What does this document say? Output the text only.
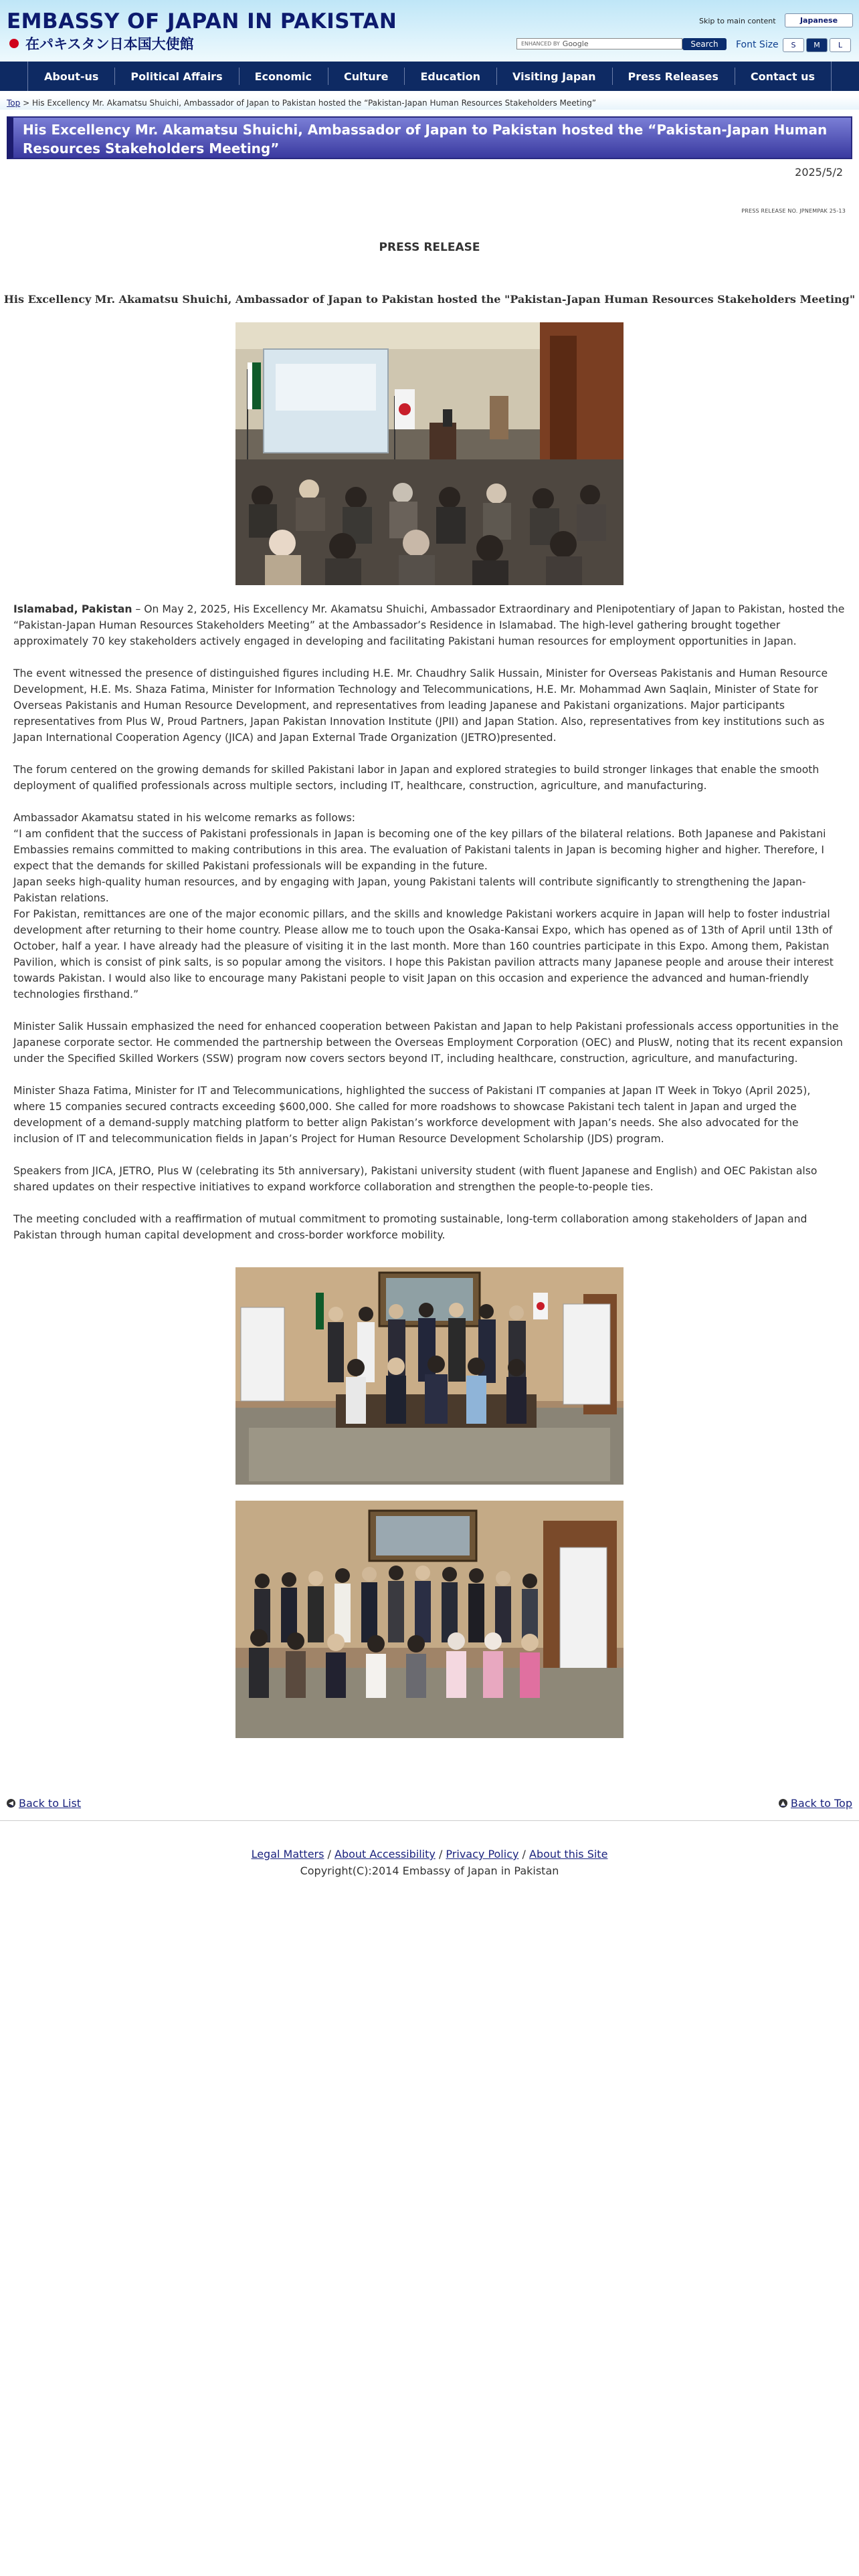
EMBASSY OF JAPAN IN PAKISTAN
在パキスタン日本国大使館
Skip to main content	Japanese
ENHANCED BY Google	Search	Font Size	S	M	L
About-us	Political Affairs	Economic	Culture	Education	Visiting Japan	Press Releases	Contact us
Top > His Excellency Mr. Akamatsu Shuichi, Ambassador of Japan to Pakistan hosted the “Pakistan-Japan Human Resources Stakeholders Meeting”
His Excellency Mr. Akamatsu Shuichi, Ambassador of Japan to Pakistan hosted the “Pakistan-Japan Human Resources Stakeholders Meeting”
2025/5/2
PRESS RELEASE NO. JPNEMPAK 25-13
PRESS RELEASE
His Excellency Mr. Akamatsu Shuichi, Ambassador of Japan to Pakistan hosted the "Pakistan-Japan Human Resources Stakeholders Meeting"

Islamabad, Pakistan – On May 2, 2025, His Excellency Mr. Akamatsu Shuichi, Ambassador Extraordinary and Plenipotentiary of Japan to Pakistan, hosted the “Pakistan-Japan Human Resources Stakeholders Meeting” at the Ambassador’s Residence in Islamabad. The high-level gathering brought together approximately 70 key stakeholders actively engaged in developing and facilitating Pakistani human resources for employment opportunities in Japan.

The event witnessed the presence of distinguished figures including H.E. Mr. Chaudhry Salik Hussain, Minister for Overseas Pakistanis and Human Resource Development, H.E. Ms. Shaza Fatima, Minister for Information Technology and Telecommunications, H.E. Mr. Mohammad Awn Saqlain, Minister of State for Overseas Pakistanis and Human Resource Development, and representatives from leading Japanese and Pakistani organizations. Major participants representatives from Plus W, Proud Partners, Japan Pakistan Innovation Institute (JPII) and Japan Station. Also, representatives from key institutions such as Japan International Cooperation Agency (JICA) and Japan External Trade Organization (JETRO)presented.

The forum centered on the growing demands for skilled Pakistani labor in Japan and explored strategies to build stronger linkages that enable the smooth deployment of qualified professionals across multiple sectors, including IT, healthcare, construction, agriculture, and manufacturing.

Ambassador Akamatsu stated in his welcome remarks as follows:

“I am confident that the success of Pakistani professionals in Japan is becoming one of the key pillars of the bilateral relations. Both Japanese and Pakistani Embassies remains committed to making contributions in this area. The evaluation of Pakistani talents in Japan is becoming higher and higher. Therefore, I expect that the demands for skilled Pakistani professionals will be expanding in the future.

Japan seeks high-quality human resources, and by engaging with Japan, young Pakistani talents will contribute significantly to strengthening the Japan-Pakistan relations.

For Pakistan, remittances are one of the major economic pillars, and the skills and knowledge Pakistani workers acquire in Japan will help to foster industrial development after returning to their home country. Please allow me to touch upon the Osaka-Kansai Expo, which has opened as of 13th of April until 13th of October, half a year. I have already had the pleasure of visiting it in the last month. More than 160 countries participate in this Expo. Among them, Pakistan Pavilion, which is consist of pink salts, is so popular among the visitors. I hope this Pakistan pavilion attracts many Japanese people and arouse their interest towards Pakistan. I would also like to encourage many Pakistani people to visit Japan on this occasion and experience the advanced and human-friendly technologies firsthand.”

Minister Salik Hussain emphasized the need for enhanced cooperation between Pakistan and Japan to help Pakistani professionals access opportunities in the Japanese corporate sector. He commended the partnership between the Overseas Employment Corporation (OEC) and PlusW, noting that its recent expansion under the Specified Skilled Workers (SSW) program now covers sectors beyond IT, including healthcare, construction, agriculture, and manufacturing.

Minister Shaza Fatima, Minister for IT and Telecommunications, highlighted the success of Pakistani IT companies at Japan IT Week in Tokyo (April 2025), where 15 companies secured contracts exceeding $600,000. She called for more roadshows to showcase Pakistani tech talent in Japan and urged the development of a demand-supply matching platform to better align Pakistan’s workforce development with Japan’s needs. She also advocated for the inclusion of IT and telecommunication fields in Japan’s Project for Human Resource Development Scholarship (JDS) program.

Speakers from JICA, JETRO, Plus W (celebrating its 5th anniversary), Pakistani university student (with fluent Japanese and English) and OEC Pakistan also shared updates on their respective initiatives to expand workforce collaboration and strengthen the people-to-people ties.

The meeting concluded with a reaffirmation of mutual commitment to promoting sustainable, long-term collaboration among stakeholders of Japan and Pakistan through human capital development and cross-border workforce mobility.

◀ Back to List	▲ Back to Top
Legal Matters / About Accessibility / Privacy Policy / About this Site
Copyright(C):2014 Embassy of Japan in Pakistan
